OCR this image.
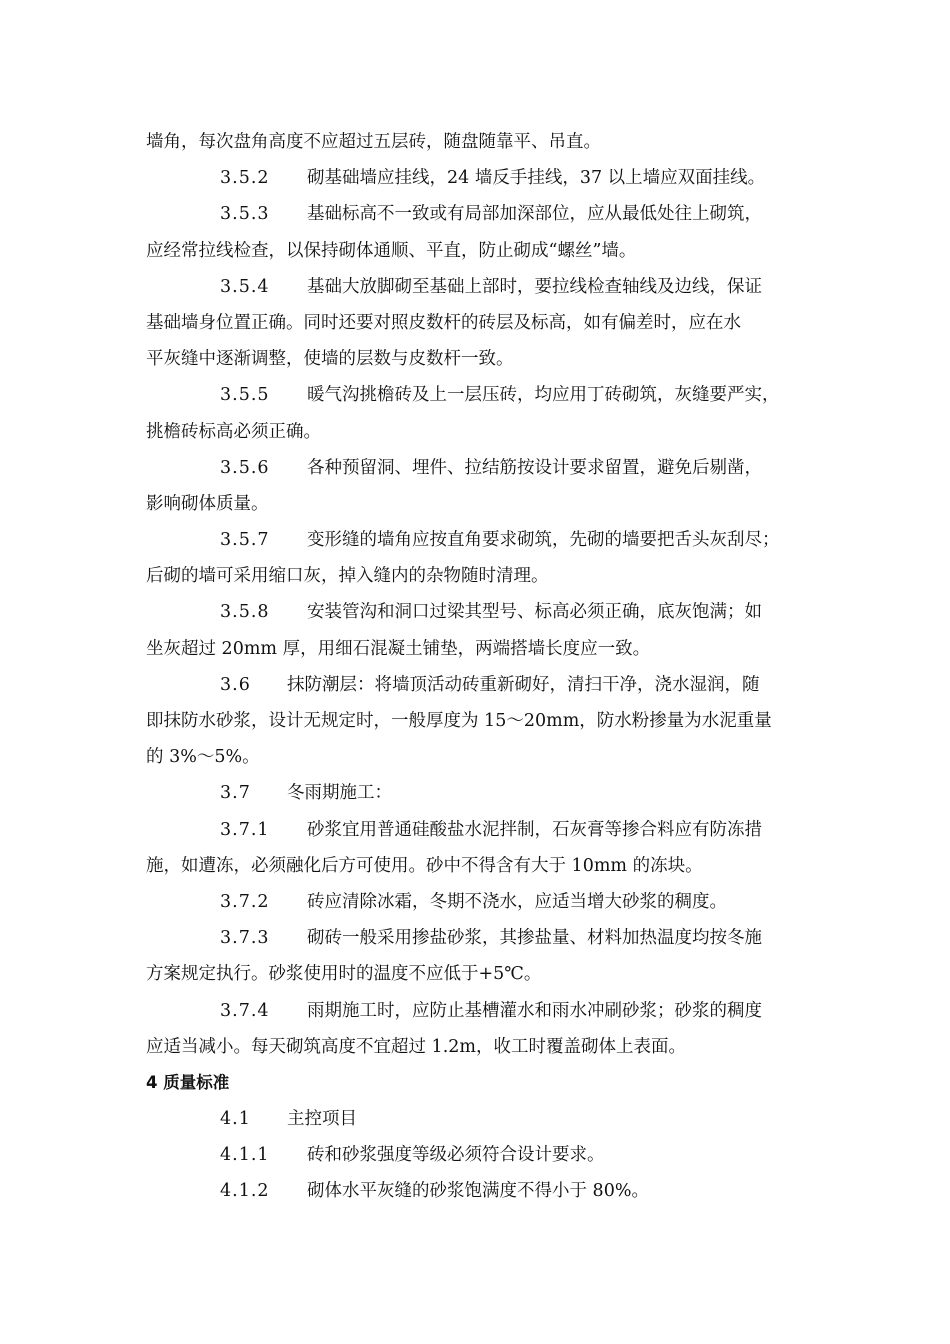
墙角，每次盘角高度不应超过五层砖，随盘随靠平、吊直。
3.5.2 砌基础墙应挂线，24 墙反手挂线，37 以上墙应双面挂线。
3.5.3 基础标高不一致或有局部加深部位，应从最低处往上砌筑，
应经常拉线检查，以保持砌体通顺、平直，防止砌成“螺丝”墙。
3.5.4 基础大放脚砌至基础上部时，要拉线检查轴线及边线，保证
基础墙身位置正确。同时还要对照皮数杆的砖层及标高，如有偏差时，应在水
平灰缝中逐渐调整，使墙的层数与皮数杆一致。
3.5.5 暖气沟挑檐砖及上一层压砖，均应用丁砖砌筑，灰缝要严实，
挑檐砖标高必须正确。
3.5.6 各种预留洞、埋件、拉结筋按设计要求留置，避免后剔凿，
影响砌体质量。
3.5.7 变形缝的墙角应按直角要求砌筑，先砌的墙要把舌头灰刮尽；
后砌的墙可采用缩口灰，掉入缝内的杂物随时清理。
3.5.8 安装管沟和洞口过梁其型号、标高必须正确，底灰饱满；如
坐灰超过 20mm 厚，用细石混凝土铺垫，两端搭墙长度应一致。
3.6 抹防潮层：将墙顶活动砖重新砌好，清扫干净，浇水湿润，随
即抹防水砂浆，设计无规定时，一般厚度为 15～20mm，防水粉掺量为水泥重量
的 3%～5%。
3.7 冬雨期施工：
3.7.1 砂浆宜用普通硅酸盐水泥拌制，石灰膏等掺合料应有防冻措
施，如遭冻，必须融化后方可使用。砂中不得含有大于 10mm 的冻块。
3.7.2 砖应清除冰霜，冬期不浇水，应适当增大砂浆的稠度。
3.7.3 砌砖一般采用掺盐砂浆，其掺盐量、材料加热温度均按冬施
方案规定执行。砂浆使用时的温度不应低于+5℃。
3.7.4 雨期施工时，应防止基槽灌水和雨水冲刷砂浆；砂浆的稠度
应适当减小。每天砌筑高度不宜超过 1.2m，收工时覆盖砌体上表面。
4 质量标准
4.1 主控项目
4.1.1 砖和砂浆强度等级必须符合设计要求。
4.1.2 砌体水平灰缝的砂浆饱满度不得小于 80%。
